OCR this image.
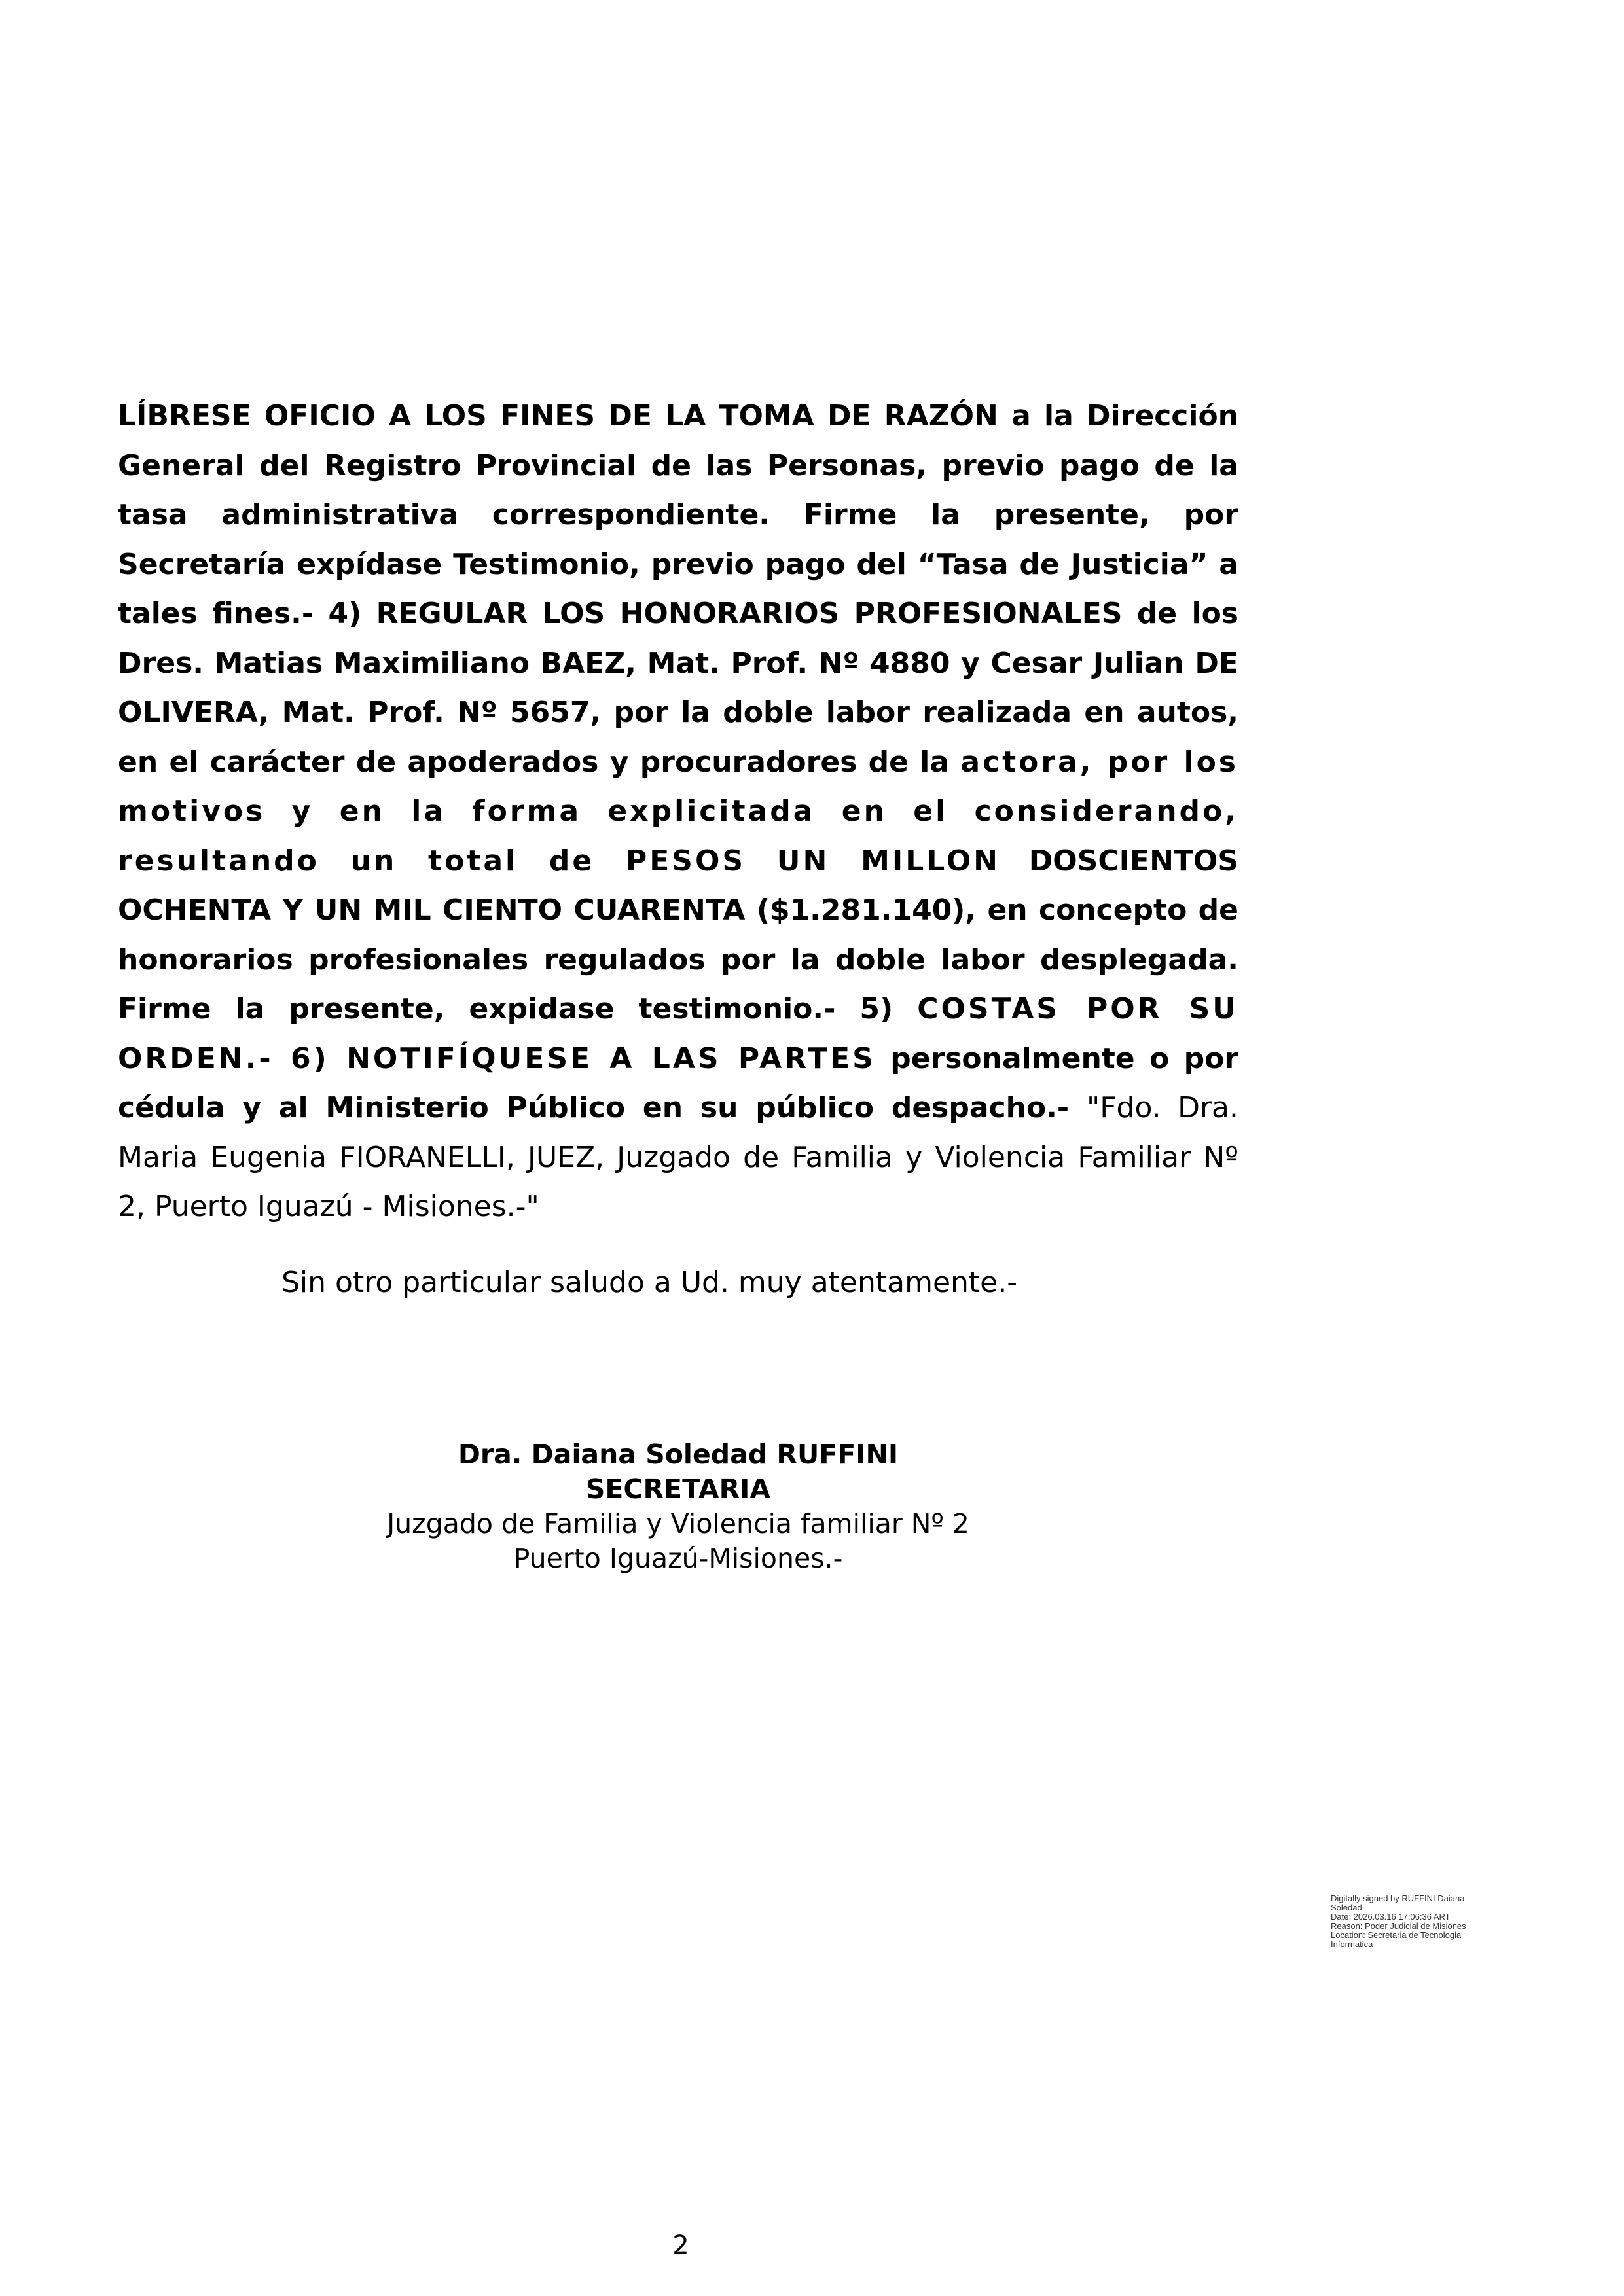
LÍBRESE OFICIO A LOS FINES DE LA TOMA DE RAZÓN a la Dirección General del Registro Provincial de las Personas, previo pago de la tasa administrativa correspondiente. Firme la presente, por Secretaría expídase Testimonio, previo pago del “Tasa de Justicia” a tales fines.- 4) REGULAR LOS HONORARIOS PROFESIONALES de los Dres. Matias Maximiliano BAEZ, Mat. Prof. Nº 4880 y Cesar Julian DE OLIVERA, Mat. Prof. Nº 5657, por la doble labor realizada en autos, en el carácter de apoderados y procuradores de la actora, por los motivos y en la forma explicitada en el considerando, resultando un total de PESOS UN MILLON DOSCIENTOS OCHENTA Y UN MIL CIENTO CUARENTA ($1.281.140), en concepto de honorarios profesionales regulados por la doble labor desplegada. Firme la presente, expidase testimonio.- 5) COSTAS POR SU ORDEN.- 6) NOTIFÍQUESE A LAS PARTES personalmente o por cédula y al Ministerio Público en su público despacho.- "Fdo. Dra. Maria Eugenia FIORANELLI, JUEZ, Juzgado de Familia y Violencia Familiar Nº 2, Puerto Iguazú - Misiones.-"

Sin otro particular saludo a Ud. muy atentamente.-

Dra. Daiana Soledad RUFFINI
SECRETARIA
Juzgado de Familia y Violencia familiar Nº 2
Puerto Iguazú-Misiones.-
Digitally signed by RUFFINI Daiana
Soledad
Date: 2026.03.16 17:06:36 ART
Reason: Poder Judicial de Misiones
Location: Secretaria de Tecnologia
Informatica
2
